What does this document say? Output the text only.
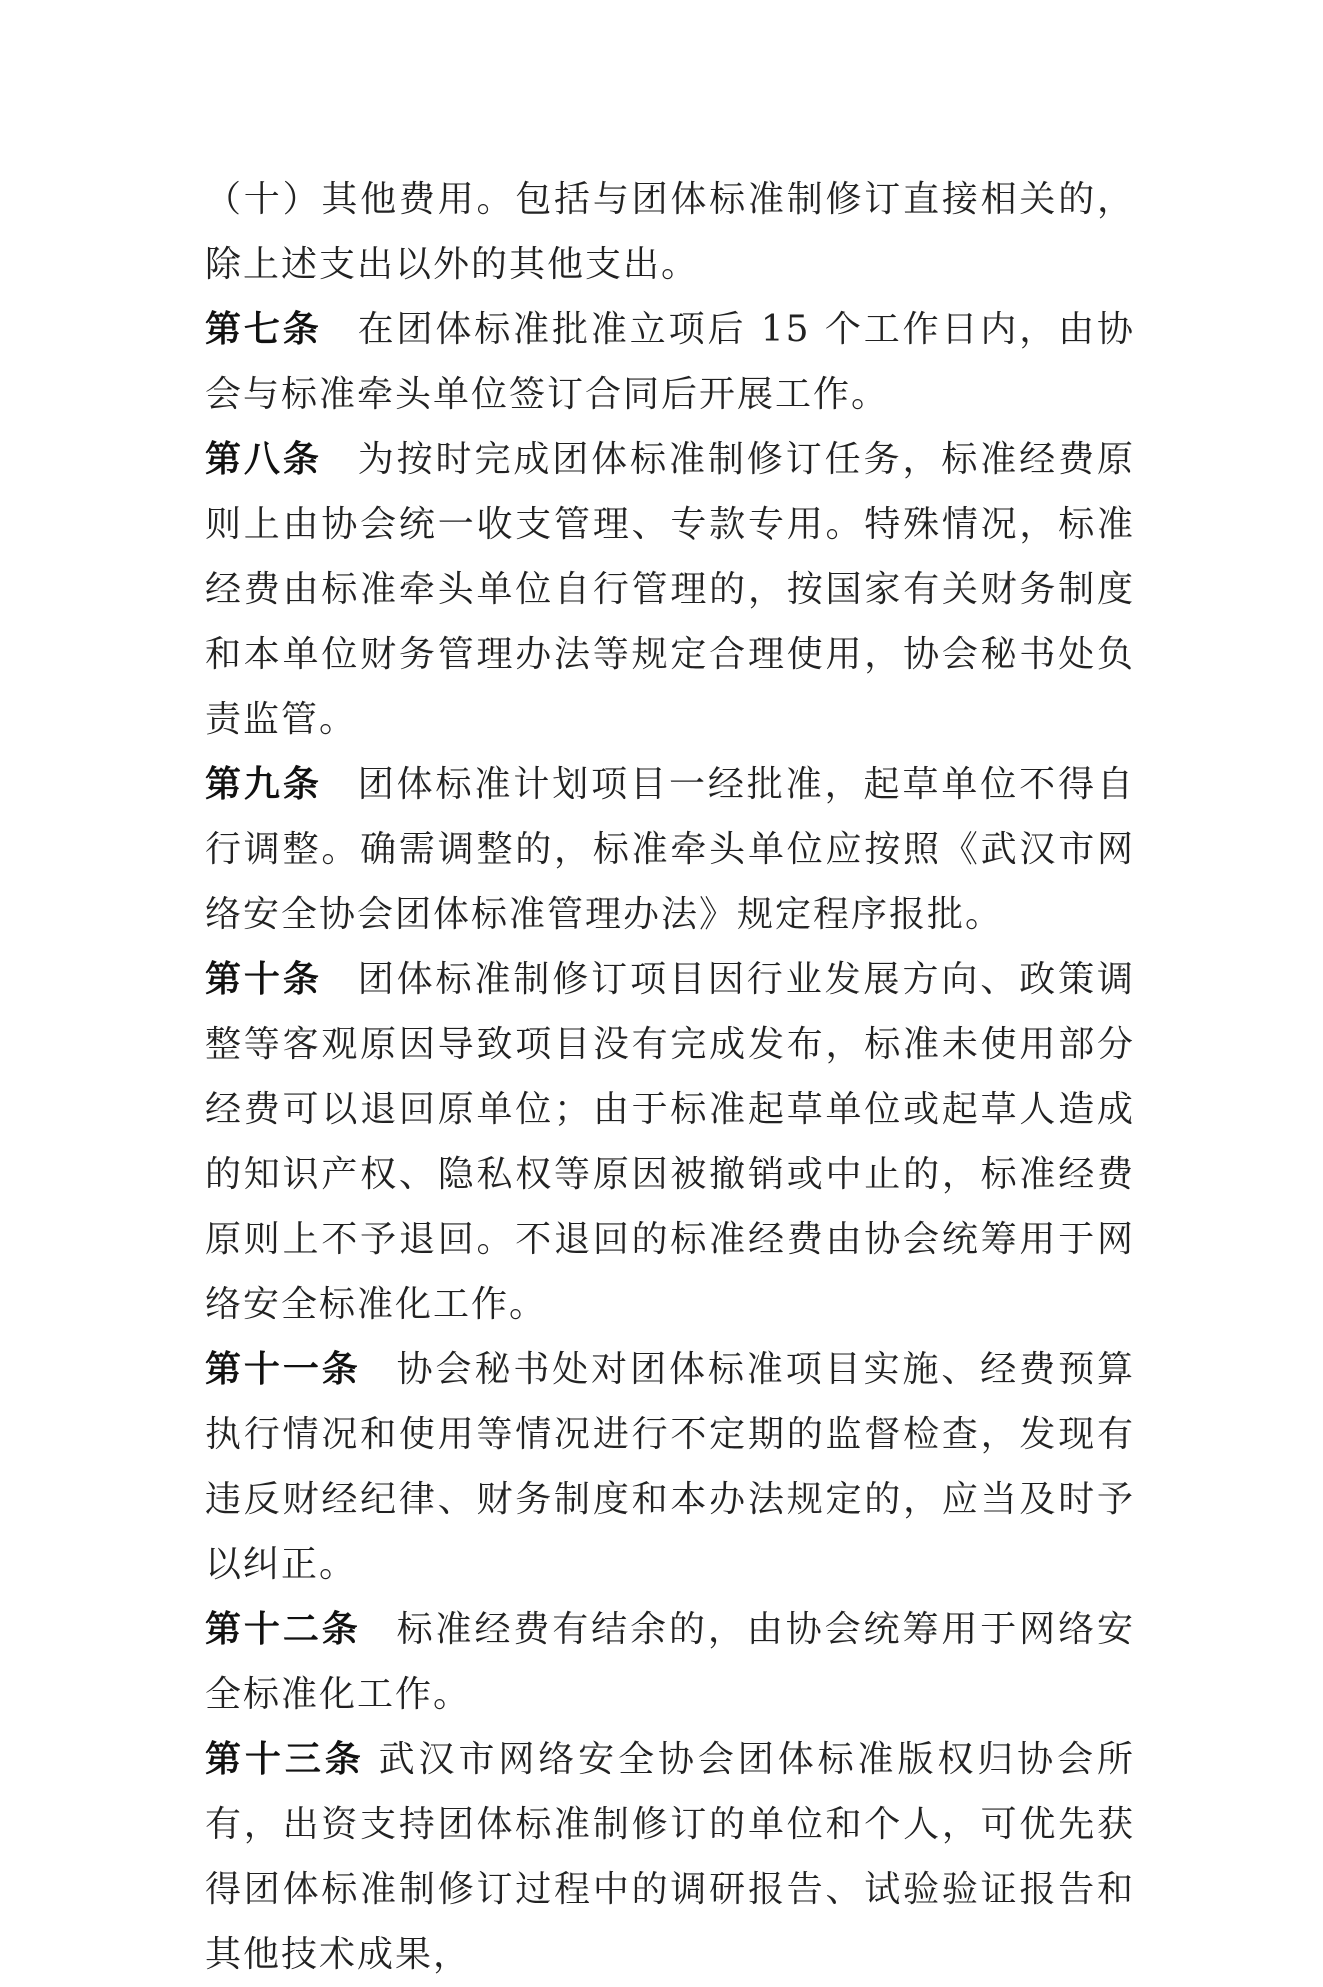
（十）其他费用。包括与团体标准制修订直接相关的，除上述支出以外的其他支出。

第七条 在团体标准批准立项后 15 个工作日内，由协会与标准牵头单位签订合同后开展工作。

第八条 为按时完成团体标准制修订任务，标准经费原则上由协会统一收支管理、专款专用。特殊情况，标准经费由标准牵头单位自行管理的，按国家有关财务制度和本单位财务管理办法等规定合理使用，协会秘书处负责监管。

第九条 团体标准计划项目一经批准，起草单位不得自行调整。确需调整的，标准牵头单位应按照《武汉市网络安全协会团体标准管理办法》规定程序报批。

第十条 团体标准制修订项目因行业发展方向、政策调整等客观原因导致项目没有完成发布，标准未使用部分经费可以退回原单位；由于标准起草单位或起草人造成的知识产权、隐私权等原因被撤销或中止的，标准经费原则上不予退回。不退回的标准经费由协会统筹用于网络安全标准化工作。

第十一条 协会秘书处对团体标准项目实施、经费预算执行情况和使用等情况进行不定期的监督检查，发现有违反财经纪律、财务制度和本办法规定的，应当及时予以纠正。

第十二条 标准经费有结余的，由协会统筹用于网络安全标准化工作。

第十三条 武汉市网络安全协会团体标准版权归协会所有，出资支持团体标准制修订的单位和个人，可优先获得团体标准制修订过程中的调研报告、试验验证报告和其他技术成果，
